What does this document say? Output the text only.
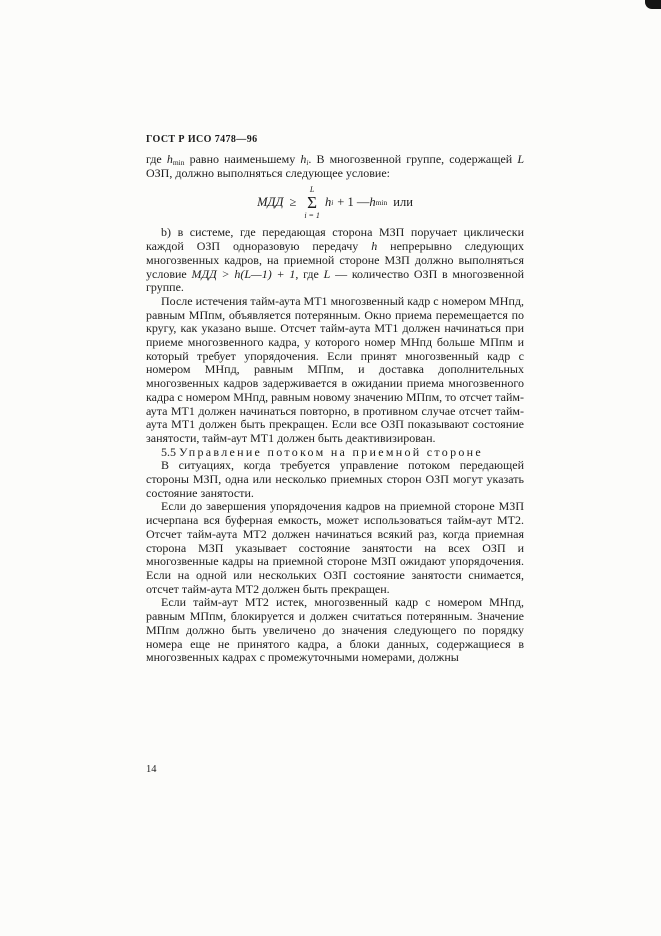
ГОСТ Р ИСО 7478—96

где $h_{min}$ равно наименьшему $h_i$. В многозвенной группе, содержащей L ОЗП, должно выполняться следующее условие:

МДД ≥
L
Σ
i = 1
h i + 1 — h min или

b) в системе, где передающая сторона МЗП поручает циклически каждой ОЗП одноразовую передачу h непрерывно следующих многозвенных кадров, на приемной стороне МЗП должно выполняться условие МДД > h(L—1) + 1, где L — количество ОЗП в многозвенной группе.

После истечения тайм-аута МТ1 многозвенный кадр с номером МНпд, равным МПпм, объявляется потерянным. Окно приема перемещается по кругу, как указано выше. Отсчет тайм-аута МТ1 должен начинаться при приеме многозвенного кадра, у которого номер МНпд больше МПпм и который требует упорядочения. Если принят многозвенный кадр с номером МНпд, равным МПпм, и доставка дополнительных многозвенных кадров задерживается в ожидании приема многозвенного кадра с номером МНпд, равным новому значению МПпм, то отсчет тайм-аута МТ1 должен начинаться повторно, в противном случае отсчет тайм-аута МТ1 должен быть прекращен. Если все ОЗП показывают состояние занятости, тайм-аут МТ1 должен быть деактивизирован.

5.5 Управление потоком на приемной стороне

В ситуациях, когда требуется управление потоком передающей стороны МЗП, одна или несколько приемных сторон ОЗП могут указать состояние занятости.

Если до завершения упорядочения кадров на приемной стороне МЗП исчерпана вся буферная емкость, может использоваться тайм-аут МТ2. Отсчет тайм-аута МТ2 должен начинаться всякий раз, когда приемная сторона МЗП указывает состояние занятости на всех ОЗП и многозвенные кадры на приемной стороне МЗП ожидают упорядочения. Если на одной или нескольких ОЗП состояние занятости снимается, отсчет тайм-аута МТ2 должен быть прекращен.

Если тайм-аут МТ2 истек, многозвенный кадр с номером МНпд, равным МПпм, блокируется и должен считаться потерянным. Значение МПпм должно быть увеличено до значения следующего по порядку номера еще не принятого кадра, а блоки данных, содержащиеся в многозвенных кадрах с промежуточными номерами, должны

14
